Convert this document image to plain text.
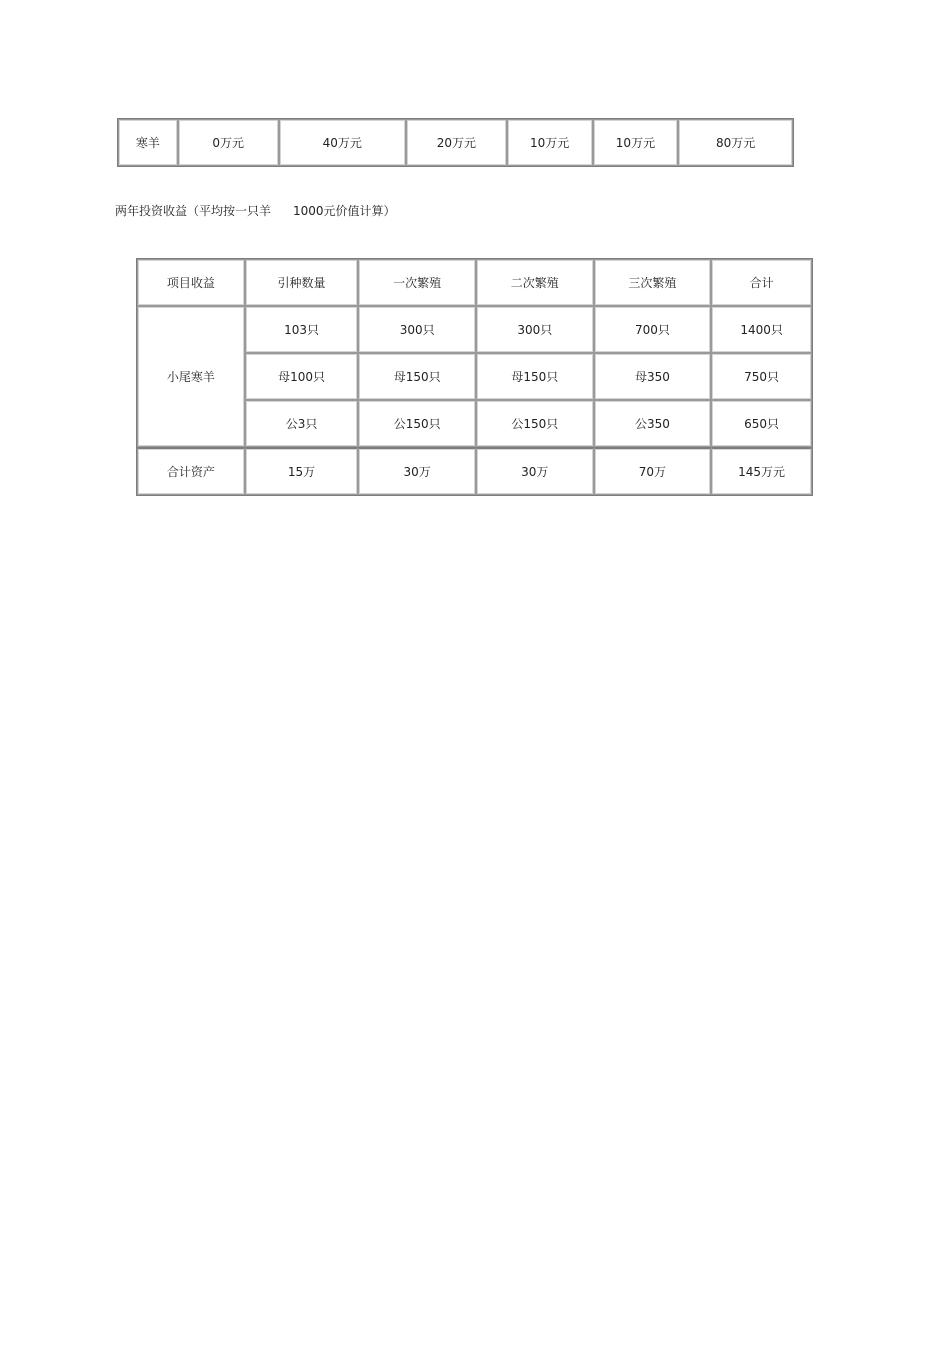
寒羊	0万元	40万元	20万元	10万元	10万元	80万元
两年投资收益（平均按一只羊 1000元价值计算）
项目收益	引种数量	一次繁殖	二次繁殖	三次繁殖	合计
小尾寒羊	103只	300只	300只	700只	1400只
	母100只	母150只	母150只	母350	750只
	公3只	公150只	公150只	公350	650只
合计资产	15万	30万	30万	70万	145万元
